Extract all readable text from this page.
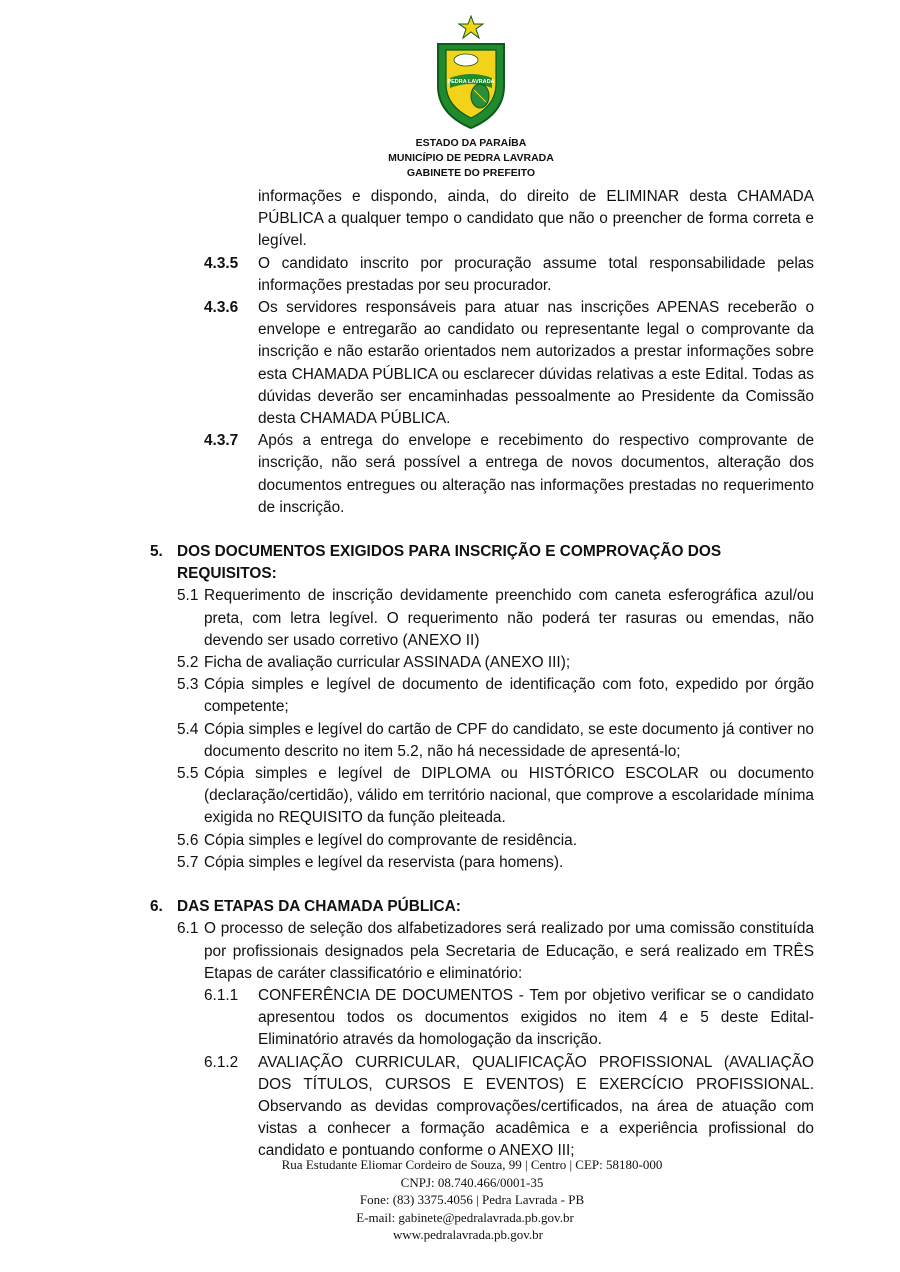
PEDRA LAVRADA
ESTADO DA PARAÍBA
MUNICÍPIO DE PEDRA LAVRADA
GABINETE DO PREFEITO
informações e dispondo, ainda, do direito de ELIMINAR desta CHAMADA PÚBLICA a qualquer tempo o candidato que não o preencher de forma correta e legível.
4.3.5	O candidato inscrito por procuração assume total responsabilidade pelas informações prestadas por seu procurador.
4.3.6	Os servidores responsáveis para atuar nas inscrições APENAS receberão o envelope e entregarão ao candidato ou representante legal o comprovante da inscrição e não estarão orientados nem autorizados a prestar informações sobre esta CHAMADA PÚBLICA ou esclarecer dúvidas relativas a este Edital. Todas as dúvidas deverão ser encaminhadas pessoalmente ao Presidente da Comissão desta CHAMADA PÚBLICA.
4.3.7	Após a entrega do envelope e recebimento do respectivo comprovante de inscrição, não será possível a entrega de novos documentos, alteração dos documentos entregues ou alteração nas informações prestadas no requerimento de inscrição.
5. DOS DOCUMENTOS EXIGIDOS PARA INSCRIÇÃO E COMPROVAÇÃO DOS REQUISITOS:
5.1 Requerimento de inscrição devidamente preenchido com caneta esferográfica azul/ou preta, com letra legível. O requerimento não poderá ter rasuras ou emendas, não devendo ser usado corretivo (ANEXO II)
5.2 Ficha de avaliação curricular ASSINADA (ANEXO III);
5.3 Cópia simples e legível de documento de identificação com foto, expedido por órgão competente;
5.4 Cópia simples e legível do cartão de CPF do candidato, se este documento já contiver no documento descrito no item 5.2, não há necessidade de apresentá-lo;
5.5 Cópia simples e legível de DIPLOMA ou HISTÓRICO ESCOLAR ou documento (declaração/certidão), válido em território nacional, que comprove a escolaridade mínima exigida no REQUISITO da função pleiteada.
5.6 Cópia simples e legível do comprovante de residência.
5.7 Cópia simples e legível da reservista (para homens).
6. DAS ETAPAS DA CHAMADA PÚBLICA:
6.1 O processo de seleção dos alfabetizadores será realizado por uma comissão constituída por profissionais designados pela Secretaria de Educação, e será realizado em TRÊS Etapas de caráter classificatório e eliminatório:
6.1.1	CONFERÊNCIA DE DOCUMENTOS - Tem por objetivo verificar se o candidato apresentou todos os documentos exigidos no item 4 e 5 deste Edital- Eliminatório através da homologação da inscrição.
6.1.2	AVALIAÇÃO CURRICULAR, QUALIFICAÇÃO PROFISSIONAL (AVALIAÇÃO DOS TÍTULOS, CURSOS E EVENTOS) E EXERCÍCIO PROFISSIONAL. Observando as devidas comprovações/certificados, na área de atuação com vistas a conhecer a formação acadêmica e a experiência profissional do candidato e pontuando conforme o ANEXO III;
Rua Estudante Eliomar Cordeiro de Souza, 99 | Centro | CEP: 58180-000
CNPJ: 08.740.466/0001-35
Fone: (83) 3375.4056 | Pedra Lavrada - PB
E-mail: gabinete@pedralavrada.pb.gov.br
www.pedralavrada.pb.gov.br
